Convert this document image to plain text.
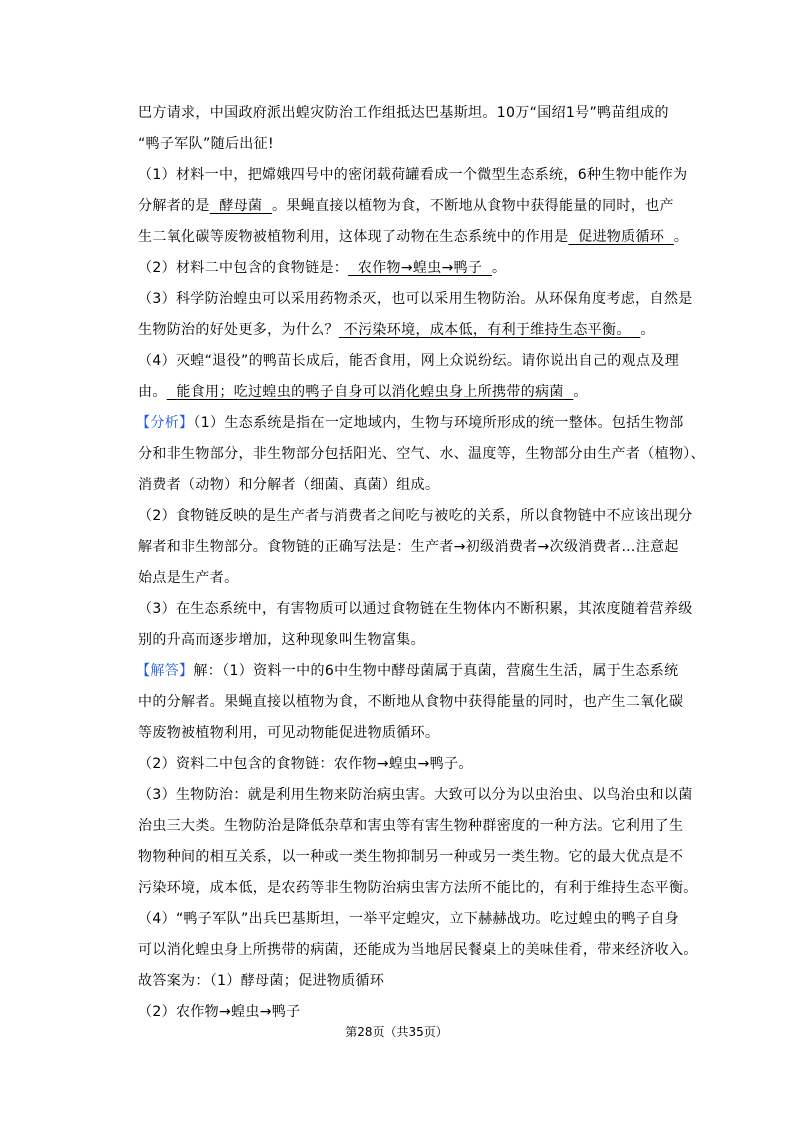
巴方请求，中国政府派出蝗灾防治工作组抵达巴基斯坦。10万“国绍1号”鸭苗组成的
“鸭子军队”随后出征!
（1）材料一中，把嫦娥四号中的密闭载荷罐看成一个微型生态系统，6种生物中能作为
分解者的是 酵母菌 。果蝇直接以植物为食，不断地从食物中获得能量的同时，也产
生二氧化碳等废物被植物利用，这体现了动物在生态系统中的作用是 促进物质循环 。
（2）材料二中包含的食物链是： 农作物→蝗虫→鸭子 。
（3）科学防治蝗虫可以采用药物杀灭，也可以采用生物防治。从环保角度考虑，自然是
生物防治的好处更多，为什么？ 不污染环境，成本低，有利于维持生态平衡。 。
（4）灭蝗“退役”的鸭苗长成后，能否食用，网上众说纷纭。请你说出自己的观点及理
由。 能食用；吃过蝗虫的鸭子自身可以消化蝗虫身上所携带的病菌 。
【分析】（1）生态系统是指在一定地域内，生物与环境所形成的统一整体。包括生物部
分和非生物部分，非生物部分包括阳光、空气、水、温度等，生物部分由生产者（植物）、
消费者（动物）和分解者（细菌、真菌）组成。
（2）食物链反映的是生产者与消费者之间吃与被吃的关系，所以食物链中不应该出现分
解者和非生物部分。食物链的正确写法是：生产者→初级消费者→次级消费者…注意起
始点是生产者。
（3）在生态系统中，有害物质可以通过食物链在生物体内不断积累，其浓度随着营养级
别的升高而逐步增加，这种现象叫生物富集。
【解答】解：（1）资料一中的6中生物中酵母菌属于真菌，营腐生生活，属于生态系统
中的分解者。果蝇直接以植物为食，不断地从食物中获得能量的同时，也产生二氧化碳
等废物被植物利用，可见动物能促进物质循环。
（2）资料二中包含的食物链：农作物→蝗虫→鸭子。
（3）生物防治：就是利用生物来防治病虫害。大致可以分为以虫治虫、以鸟治虫和以菌
治虫三大类。生物防治是降低杂草和害虫等有害生物种群密度的一种方法。它利用了生
物物种间的相互关系，以一种或一类生物抑制另一种或另一类生物。它的最大优点是不
污染环境，成本低，是农药等非生物防治病虫害方法所不能比的，有利于维持生态平衡。
（4）“鸭子军队”出兵巴基斯坦，一举平定蝗灾，立下赫赫战功。吃过蝗虫的鸭子自身
可以消化蝗虫身上所携带的病菌，还能成为当地居民餐桌上的美味佳肴，带来经济收入。
故答案为：（1）酵母菌；促进物质循环
（2）农作物→蝗虫→鸭子
第28页（共35页）
